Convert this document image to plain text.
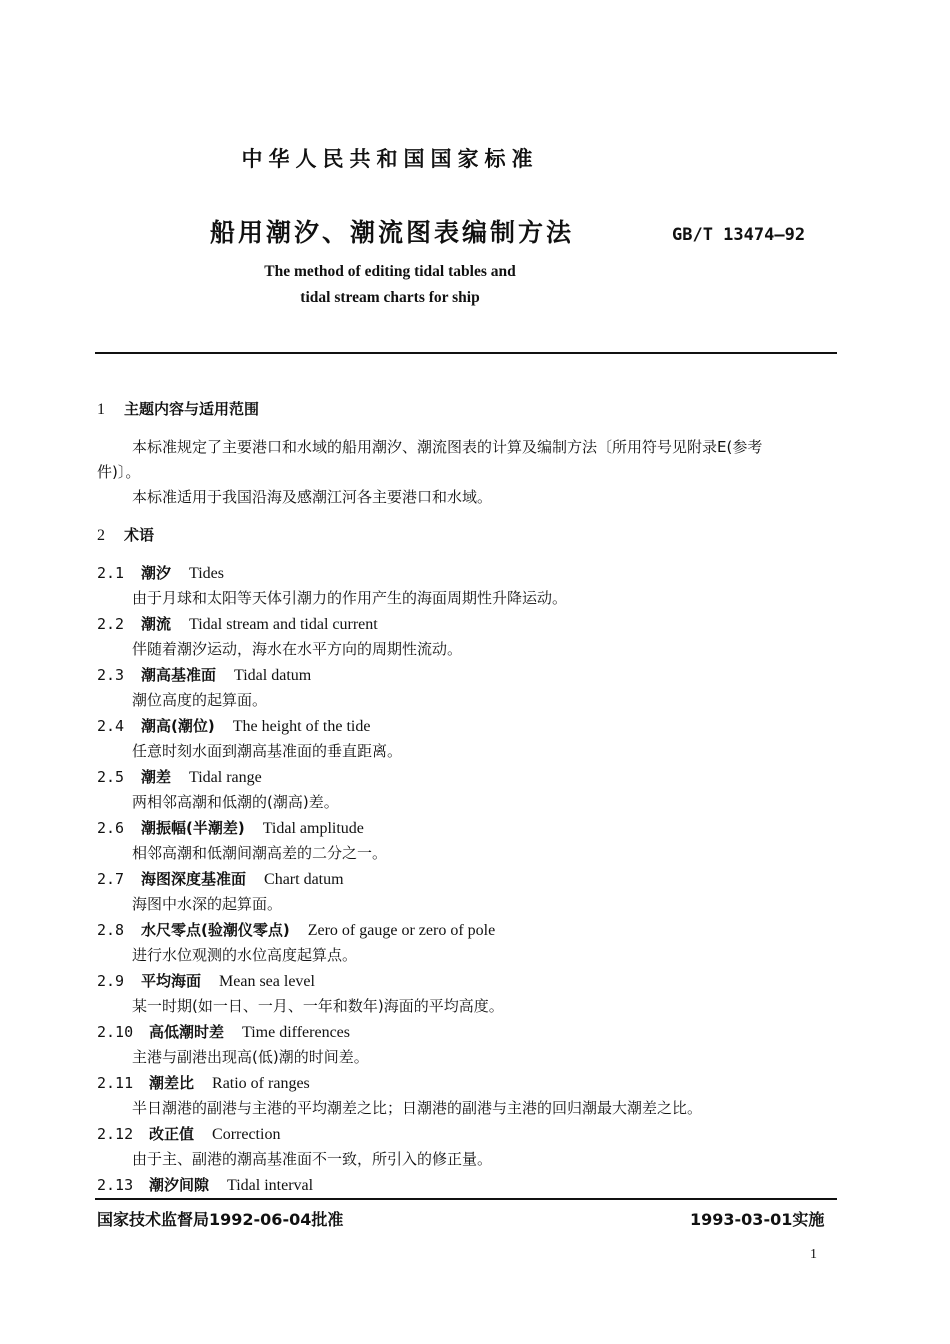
中华人民共和国国家标准
船用潮汐、潮流图表编制方法	GB/T 13474—92
The method of editing tidal tables and
tidal stream charts for ship
1 主题内容与适用范围
本标准规定了主要港口和水域的船用潮汐、潮流图表的计算及编制方法〔所用符号见附录E(参考
件)〕。
本标准适用于我国沿海及感潮江河各主要港口和水域。
2 术语
2.1 潮汐 Tides
由于月球和太阳等天体引潮力的作用产生的海面周期性升降运动。
2.2 潮流 Tidal stream and tidal current
伴随着潮汐运动，海水在水平方向的周期性流动。
2.3 潮高基准面 Tidal datum
潮位高度的起算面。
2.4 潮高(潮位) The height of the tide
任意时刻水面到潮高基准面的垂直距离。
2.5 潮差 Tidal range
两相邻高潮和低潮的(潮高)差。
2.6 潮振幅(半潮差) Tidal amplitude
相邻高潮和低潮间潮高差的二分之一。
2.7 海图深度基准面 Chart datum
海图中水深的起算面。
2.8 水尺零点(验潮仪零点) Zero of gauge or zero of pole
进行水位观测的水位高度起算点。
2.9 平均海面 Mean sea level
某一时期(如一日、一月、一年和数年)海面的平均高度。
2.10 高低潮时差 Time differences
主港与副港出现高(低)潮的时间差。
2.11 潮差比 Ratio of ranges
半日潮港的副港与主港的平均潮差之比；日潮港的副港与主港的回归潮最大潮差之比。
2.12 改正值 Correction
由于主、副港的潮高基准面不一致，所引入的修正量。
2.13 潮汐间隙 Tidal interval
国家技术监督局1992-06-04批准	1993-03-01实施
1
